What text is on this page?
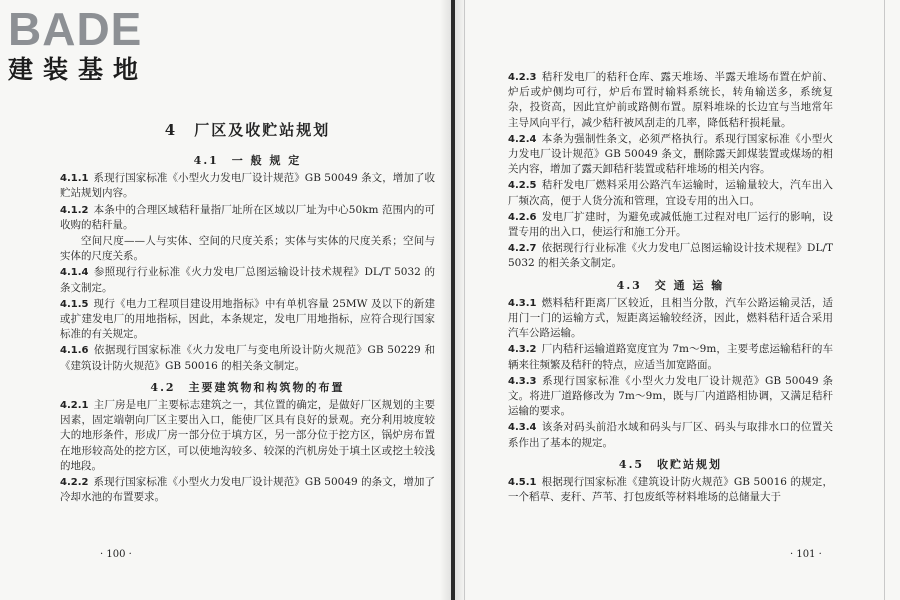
BADE
建装基地
4　厂区及收贮站规划
4.1　一 般 规 定
4.1.1 系现行国家标准《小型火力发电厂设计规范》GB 50049 条文，增加了收贮站规划内容。
4.1.2 本条中的合理区域秸秆量指厂址所在区域以厂址为中心50km 范围内的可收购的秸秆量。
空间尺度——人与实体、空间的尺度关系；实体与实体的尺度关系；空间与实体的尺度关系。
4.1.4 参照现行行业标准《火力发电厂总图运输设计技术规程》DL/T 5032 的条文制定。
4.1.5 现行《电力工程项目建设用地指标》中有单机容量 25MW 及以下的新建或扩建发电厂的用地指标，因此，本条规定，发电厂用地指标，应符合现行国家标准的有关规定。
4.1.6 依据现行国家标准《火力发电厂与变电所设计防火规范》GB 50229 和《建筑设计防火规范》GB 50016 的相关条文制定。
4.2　主要建筑物和构筑物的布置
4.2.1 主厂房是电厂主要标志建筑之一，其位置的确定，是做好厂区规划的主要因素，固定端朝向厂区主要出入口，能使厂区具有良好的景观。充分利用坡度较大的地形条件，形成厂房一部分位于填方区，另一部分位于挖方区，锅炉房布置在地形较高处的挖方区，可以使地沟较多、较深的汽机房处于填土区或挖土较浅的地段。
4.2.2 系现行国家标准《小型火力发电厂设计规范》GB 50049 的条文，增加了冷却水池的布置要求。
· 100 ·
4.2.3 秸秆发电厂的秸秆仓库、露天堆场、半露天堆场布置在炉前、炉后或炉侧均可行，炉后布置时输料系统长，转角输送多，系统复杂，投资高，因此宜炉前或路侧布置。原料堆垛的长边宜与当地常年主导风向平行，减少秸秆被风刮走的几率，降低秸秆损耗量。
4.2.4 本条为强制性条文，必须严格执行。系现行国家标准《小型火力发电厂设计规范》GB 50049 条文，删除露天卸煤装置或煤场的相关内容，增加了露天卸秸秆装置或秸秆堆场的相关内容。
4.2.5 秸秆发电厂燃料采用公路汽车运输时，运输量较大，汽车出入厂频次高，便于人货分流和管理，宜设专用的出入口。
4.2.6 发电厂扩建时，为避免或减低施工过程对电厂运行的影响，设置专用的出入口，使运行和施工分开。
4.2.7 依据现行行业标准《火力发电厂总图运输设计技术规程》DL/T 5032 的相关条文制定。
4.3　交 通 运 输
4.3.1 燃料秸秆距离厂区较近，且相当分散，汽车公路运输灵活，适用门一门的运输方式，短距离运输较经济，因此，燃料秸秆适合采用汽车公路运输。
4.3.2 厂内秸秆运输道路宽度宜为 7m～9m，主要考虑运输秸秆的车辆来往频繁及秸秆的特点，应适当加宽路面。
4.3.3 系现行国家标准《小型火力发电厂设计规范》GB 50049 条文。将进厂道路修改为 7m～9m，既与厂内道路相协调，又满足秸秆运输的要求。
4.3.4 该条对码头前沿水域和码头与厂区、码头与取排水口的位置关系作出了基本的规定。
4.5　收贮站规划
4.5.1 根据现行国家标准《建筑设计防火规范》GB 50016 的规定，一个稻草、麦秆、芦苇、打包废纸等材料堆场的总储量大于
· 101 ·
